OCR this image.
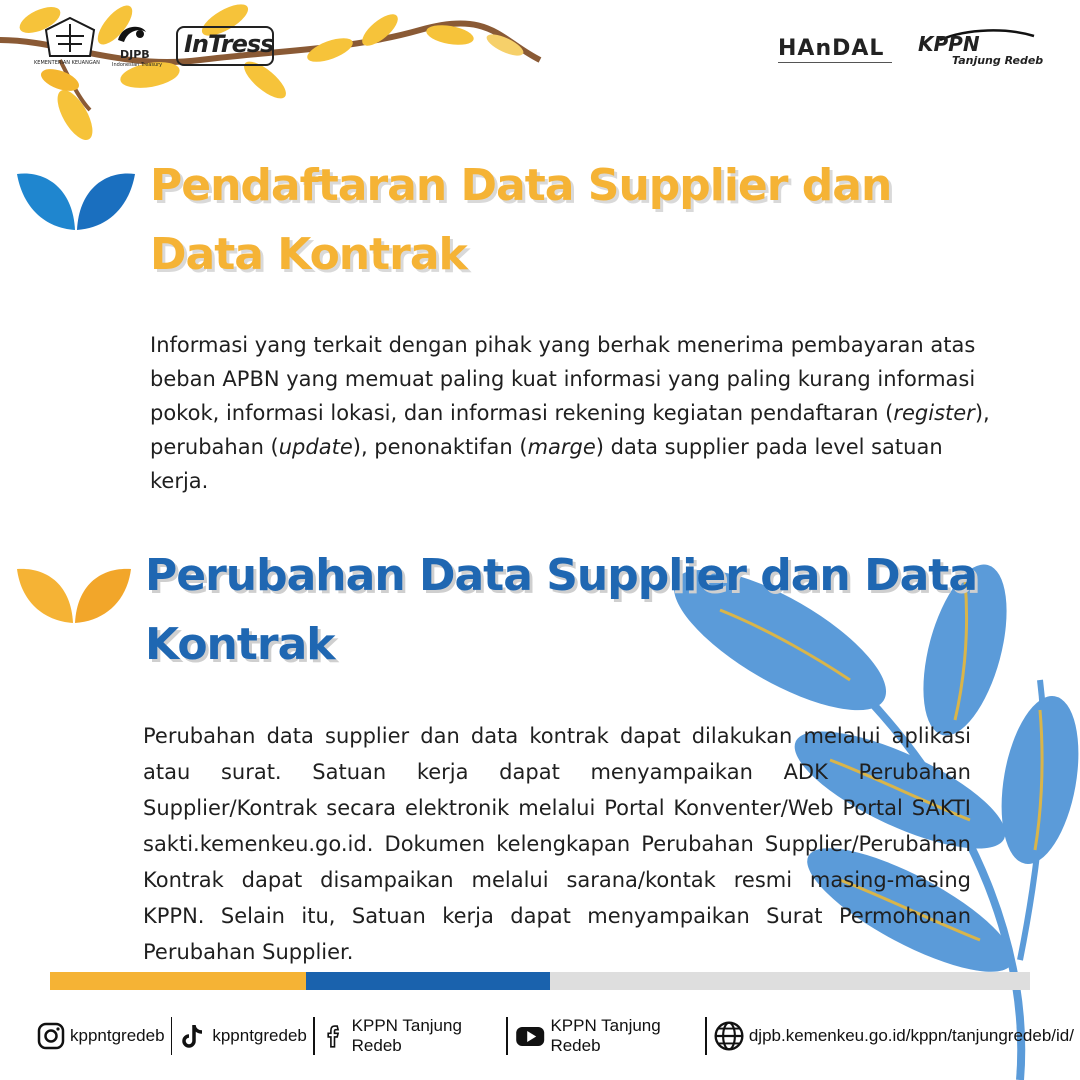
KEMENTERIAN KEUANGAN
DJPB
Indonesian Treasury
InTress	HAnDAL KPPN
Tanjung Redeb
Pendaftaran Data Supplier dan
Data Kontrak
Informasi yang terkait dengan pihak yang berhak menerima pembayaran atas
beban APBN yang memuat paling kuat informasi yang paling kurang informasi
pokok, informasi lokasi, dan informasi rekening kegiatan pendaftaran (register),
perubahan (update), penonaktifan (marge) data supplier pada level satuan
kerja.
Perubahan Data Supplier dan Data
Kontrak
Perubahan data supplier dan data kontrak dapat dilakukan melalui aplikasi atau surat. Satuan kerja dapat menyampaikan ADK Perubahan Supplier/Kontrak secara elektronik melalui Portal Konventer/Web Portal SAKTI sakti.kemenkeu.go.id. Dokumen kelengkapan Perubahan Supplier/Perubahan Kontrak dapat disampaikan melalui sarana/kontak resmi masing-masing KPPN. Selain itu, Satuan kerja dapat menyampaikan Surat Permohonan Perubahan Supplier.
kppntgredeb	kppntgredeb
KPPN Tanjung Redeb
KPPN Tanjung Redeb
djpb.kemenkeu.go.id/kppn/tanjungredeb/id/
